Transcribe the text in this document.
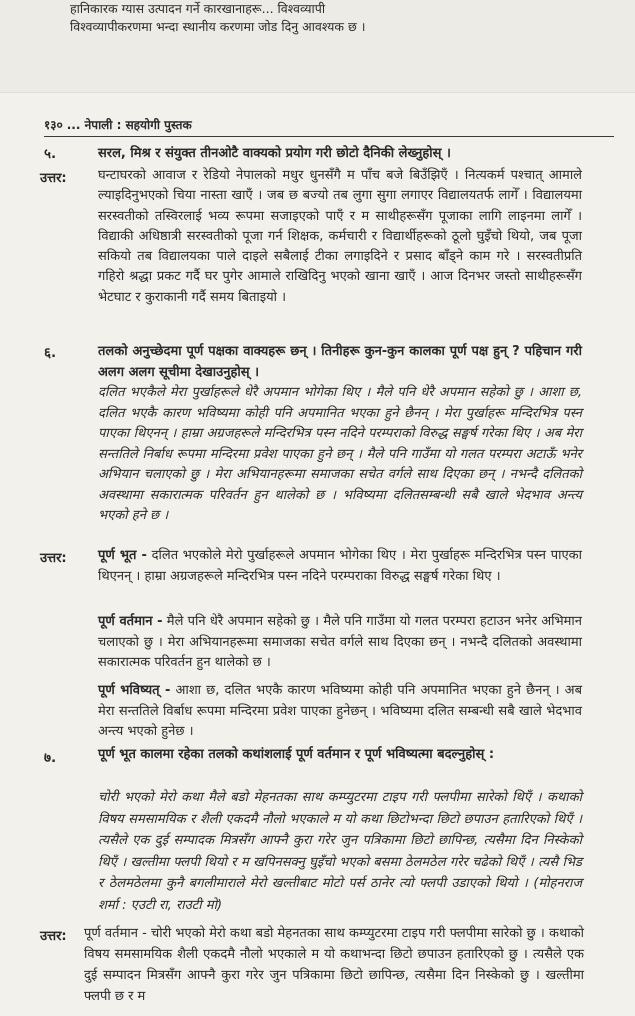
हानिकारक ग्यास उत्पादन गर्ने कारखानाहरू... विश्वव्यापी
विश्वव्यापीकरणमा भन्दा स्थानीय करणमा जोड दिनु आवश्यक छ ।
१३० ... नेपाली : सहयोगी पुस्तक
५.	सरल, मिश्र र संयुक्त तीनओटै वाक्यको प्रयोग गरी छोटो दैनिकी लेख्नुहोस् ।
उत्तर: घन्टाघरको आवाज र रेडियो नेपालको मधुर धुनसँगै म पाँच बजे बिउँझिएँ । नित्यकर्म पश्चात् आमाले ल्याइदिनुभएको चिया नास्ता खाएँ । जब छ बज्यो तब लुगा सुगा लगाएर विद्यालयतर्फ लागेँ । विद्यालयमा सरस्वतीको तस्विरलाई भव्य रूपमा सजाइएको पाएँ र म साथीहरूसँग पूजाका लागि लाइनमा लागेँ । विद्याकी अधिष्ठात्री सरस्वतीको पूजा गर्न शिक्षक, कर्मचारी र विद्यार्थीहरूको ठूलो घुइँचो थियो, जब पूजा सकियो तब विद्यालयका पाले दाइले सबैलाई टीका लगाइदिने र प्रसाद बाँड्ने काम गरे । सरस्वतीप्रति गहिरो श्रद्धा प्रकट गर्दै घर पुगेर आमाले राखिदिनु भएको खाना खाएँ । आज दिनभर जस्तो साथीहरूसँग भेटघाट र कुराकानी गर्दै समय बिताइयो ।
६.	तलको अनुच्छेदमा पूर्ण पक्षका वाक्यहरू छन् । तिनीहरू कुन-कुन कालका पूर्ण पक्ष हुन् ? पहिचान गरी अलग अलग सूचीमा देखाउनुहोस् ।
दलित भएकैले मेरा पुर्खाहरूले धेरै अपमान भोगेका थिए । मैले पनि धेरै अपमान सहेको छु । आशा छ, दलित भएकै कारण भविष्यमा कोही पनि अपमानित भएका हुने छैनन् । मेरा पुर्खाहरू मन्दिरभित्र पस्न पाएका थिएनन् । हाम्रा अग्रजहरूले मन्दिरभित्र पस्न नदिने परम्पराको विरुद्ध सङ्घर्ष गरेका थिए । अब मेरा सन्ततिले निर्बाध रूपमा मन्दिरमा प्रवेश पाएका हुने छन् । मैले पनि गाउँमा यो गलत परम्परा अटाऊँ भनेर अभियान चलाएको छु । मेरा अभियानहरूमा समाजका सचेत वर्गले साथ दिएका छन् । नभन्दै दलितको अवस्थामा सकारात्मक परिवर्तन हुन थालेको छ । भविष्यमा दलितसम्बन्धी सबै खाले भेदभाव अन्त्य भएको हने छ ।
उत्तर: पूर्ण भूत - दलित भएकोले मेरो पुर्खाहरूले अपमान भोगेका थिए । मेरा पुर्खाहरू मन्दिरभित्र पस्न पाएका थिएनन् । हाम्रा अग्रजहरूले मन्दिरभित्र पस्न नदिने परम्पराका विरुद्ध सङ्घर्ष गरेका थिए ।
पूर्ण वर्तमान - मैले पनि धेरै अपमान सहेको छु । मैले पनि गाउँमा यो गलत परम्परा हटाउन भनेर अभिमान चलाएको छु । मेरा अभियानहरूमा समाजका सचेत वर्गले साथ दिएका छन् । नभन्दै दलितको अवस्थामा सकारात्मक परिवर्तन हुन थालेको छ ।
पूर्ण भविष्यत् - आशा छ, दलित भएकै कारण भविष्यमा कोही पनि अपमानित भएका हुने छैनन् । अब मेरा सन्ततिले विर्बाध रूपमा मन्दिरमा प्रवेश पाएका हुनेछन् । भविष्यमा दलित सम्बन्धी सबै खाले भेदभाव अन्त्य भएको हुनेछ ।
७.	पूर्ण भूत कालमा रहेका तलको कथांशलाई पूर्ण वर्तमान र पूर्ण भविष्यत्मा बदल्नुहोस् :
चोरी भएको मेरो कथा मैले बडो मेहनतका साथ कम्प्युटरमा टाइप गरी फ्लपीमा सारेको थिएँ । कथाको विषय समसामयिक र शैली एकदमै नौलो भएकाले म यो कथा छिटोभन्दा छिटो छपाउन हतारिएको थिएँ । त्यसैले एक दुई सम्पादक मित्रसँग आफ्नै कुरा गरेर जुन पत्रिकामा छिटो छापिन्छ, त्यसैमा दिन निस्केको थिएँ । खल्तीमा फ्लपी थियो र म खपिनसक्नु घुइँचो भएको बसमा ठेलमठेल गरेर चढेको थिएँ । त्यसै भिड र ठेलमठेलमा कुनै बगलीमाराले मेरो खल्तीबाट मोटो पर्स ठानेर त्यो फ्लपी उडाएको थियो । (मोहनराज शर्मा : एउटी रा, राउटी मो)
उत्तर: पूर्ण वर्तमान - चोरी भएको मेरो कथा बडो मेहनतका साथ कम्प्युटरमा टाइप गरी फ्लपीमा सारेको छु । कथाको विषय समसामयिक शैली एकदमै नौलो भएकाले म यो कथाभन्दा छिटो छपाउन हतारिएको छु । त्यसैले एक दुई सम्पादन मित्रसँग आफ्नै कुरा गरेर जुन पत्रिकामा छिटो छापिन्छ, त्यसैमा दिन निस्केको छु । खल्तीमा फ्लपी छ र म
